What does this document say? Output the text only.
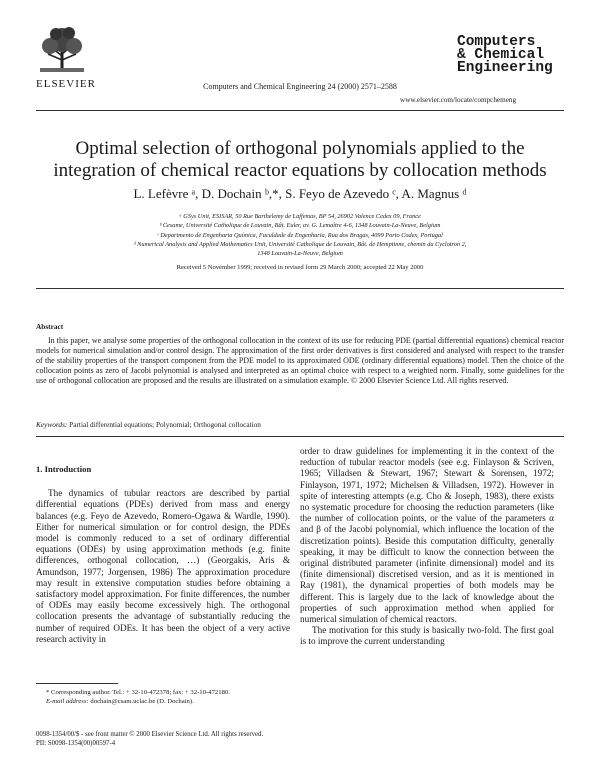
ELSEVIER	Computers and Chemical Engineering 24 (2000) 2571–2588
Computers
& Chemical
Engineering
www.elsevier.com/locate/compchemeng
Optimal selection of orthogonal polynomials applied to the integration of chemical reactor equations by collocation methods
L. Lefèvre ᵃ, D. Dochain ᵇ,*, S. Feyo de Azevedo ᶜ, A. Magnus ᵈ
ᵃ GSys Unit, ESISAR, 50 Rue Barthelemy de Laffemas, BP 54, 26902 Valence Cedex 09, France
ᵇ Cesame, Université Catholique de Louvain, Bât. Euler, av. G. Lemaître 4-6, 1348 Louvain-La-Neuve, Belgium
ᶜ Departmento de Engenharia Química, Faculdade de Engenharia, Rua dos Bragas, 4099 Porto Codex, Portugal
ᵈ Numerical Analysis and Applied Mathematics Unit, Université Catholique de Louvain, Bât. de Hemptinne, chemin du Cyclotron 2,
1348 Louvain-La-Neuve, Belgium
Received 5 November 1999; received in revised form 29 March 2000; accepted 22 May 2000
Abstract
In this paper, we analyse some properties of the orthogonal collocation in the context of its use for reducing PDE (partial differential equations) chemical reactor models for numerical simulation and/or control design. The approximation of the first order derivatives is first considered and analysed with respect to the transfer of the stability properties of the transport component from the PDE model to its approximated ODE (ordinary differential equations) model. Then the choice of the collocation points as zero of Jacobi polynomial is analysed and interpreted as an optimal choice with respect to a weighted norm. Finally, some guidelines for the use of orthogonal collocation are proposed and the results are illustrated on a simulation example. © 2000 Elsevier Science Ltd. All rights reserved.
Keywords: Partial differential equations; Polynomial; Orthogonal collocation
1. Introduction

The dynamics of tubular reactors are described by partial differential equations (PDEs) derived from mass and energy balances (e.g. Feyo de Azevedo, Romero-Ogawa & Wardle, 1990). Either for numerical simulation or for control design, the PDEs model is commonly reduced to a set of ordinary differential equations (ODEs) by using approximation methods (e.g. finite differences, orthogonal collocation, …) (Georgakis, Aris & Amundson, 1977; Jorgensen, 1986) The approximation procedure may result in extensive computation studies before obtaining a satisfactory model approximation. For finite differences, the number of ODEs may easily become excessively high. The orthogonal collocation presents the advantage of substantially reducing the number of required ODEs. It has been the object of a very active research activity in

order to draw guidelines for implementing it in the context of the reduction of tubular reactor models (see e.g. Finlayson & Scriven, 1965; Villadsen & Stewart, 1967; Stewart & Sorensen, 1972; Finlayson, 1971, 1972; Michelsen & Villadsen, 1972). However in spite of interesting attempts (e.g. Cho & Joseph, 1983), there exists no systematic procedure for choosing the reduction parameters (like the number of collocation points, or the value of the parameters α and β of the Jacobi polynomial, which influence the location of the discretization points). Beside this computation difficulty, generally speaking, it may be difficult to know the connection between the original distributed parameter (infinite dimensional) model and its (finite dimensional) discretised version, and as it is mentioned in Ray (1981), the dynamical properties of both models may be different. This is largely due to the lack of knowledge about the properties of such approximation method when applied for numerical simulation of chemical reactors.

The motivation for this study is basically two-fold. The first goal is to improve the current understanding

* Corresponding author. Tel.: + 32-10-472378; fax: + 32-10-472180.
E-mail address: dochain@csam.uclac.be (D. Dochain).
0098-1354/00/$ - see front matter © 2000 Elsevier Science Ltd. All rights reserved.
PII: S0098-1354(00)00597-4
